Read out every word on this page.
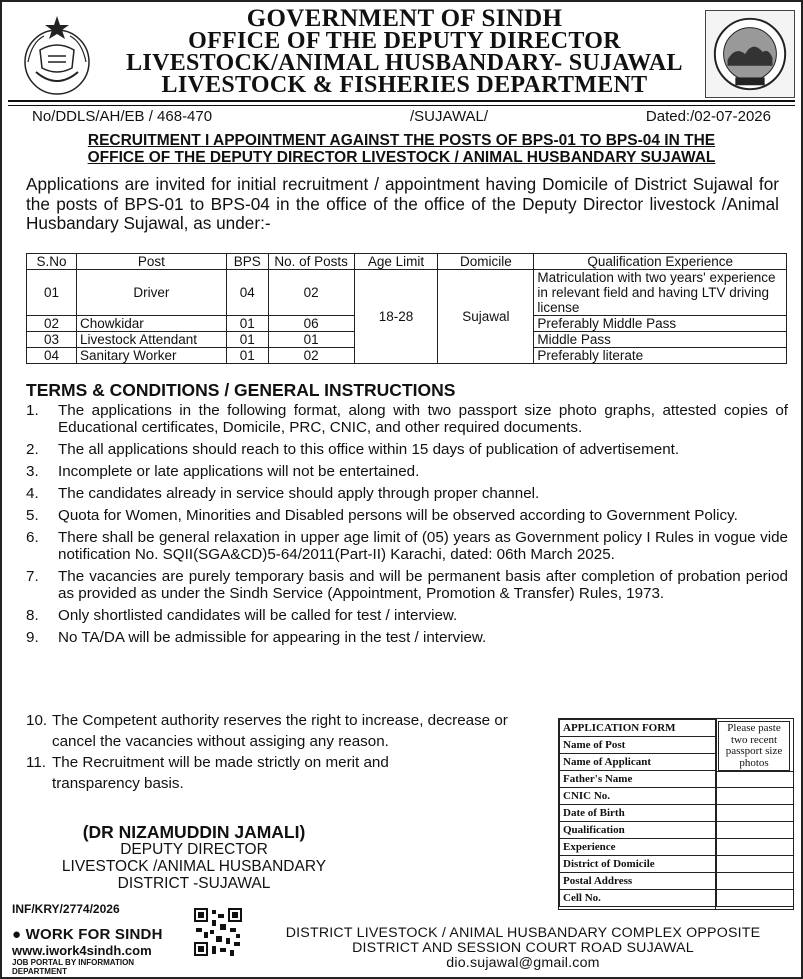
GOVERNMENT OF SINDH
OFFICE OF THE DEPUTY DIRECTOR
LIVESTOCK/ANIMAL HUSBANDARY- SUJAWAL
LIVESTOCK & FISHERIES DEPARTMENT
No/DDLS/AH/EB / 468-470	/SUJAWAL/	Dated:/02-07-2026
RECRUITMENT I APPOINTMENT AGAINST THE POSTS OF BPS-01 TO BPS-04 IN THE
OFFICE OF THE DEPUTY DIRECTOR LIVESTOCK / ANIMAL HUSBANDARY SUJAWAL
Applications are invited for initial recruitment / appointment having Domicile of District Sujawal for the posts of BPS-01 to BPS-04 in the office of the office of the Deputy Director livestock /Animal Husbandary Sujawal, as under:-
S.No	Post	BPS	No. of Posts	Age Limit	Domicile	Qualification Experience
01	Driver	04	02	18-28	Sujawal	Matriculation with two years' experience in relevant field and having LTV driving license
02	Chowkidar	01	06			Preferably Middle Pass
03	Livestock Attendant	01	01			Middle Pass
04	Sanitary Worker	01	02			Preferably literate
TERMS & CONDITIONS / GENERAL INSTRUCTIONS
1.	The applications in the following format, along with two passport size photo graphs, attested copies of Educational certificates, Domicile, PRC, CNIC, and other required documents.
2.	The all applications should reach to this office within 15 days of publication of advertisement.
3.	Incomplete or late applications will not be entertained.
4.	The candidates already in service should apply through proper channel.
5.	Quota for Women, Minorities and Disabled persons will be observed according to Government Policy.
6.	There shall be general relaxation in upper age limit of (05) years as Government policy I Rules in vogue vide notification No. SQII(SGA&CD)5-64/2011(Part-II) Karachi, dated: 06th March 2025.
7.	The vacancies are purely temporary basis and will be permanent basis after completion of probation period as provided as under the Sindh Service (Appointment, Promotion & Transfer) Rules, 1973.
8.	Only shortlisted candidates will be called for test / interview.
9.	No TA/DA will be admissible for appearing in the test / interview.
10. The Competent authority reserves the right to increase, decrease or cancel the vacancies without assiging any reason.
11. The Recruitment will be made strictly on merit and transparency basis.
APPLICATION FORM
Name of Post
Name of Applicant
Father's Name
CNIC No.
Date of Birth
Qualification
Experience
District of Domicile
Postal Address
Cell No.
Please paste two recent passport size photos
(DR NIZAMUDDIN JAMALI)
DEPUTY DIRECTOR
LIVESTOCK /ANIMAL HUSBANDARY
DISTRICT -SUJAWAL
INF/KRY/2774/2026
● WORK FOR SINDH
www.iwork4sindh.com
JOB PORTAL BY INFORMATION DEPARTMENT
DISTRICT LIVESTOCK / ANIMAL HUSBANDARY COMPLEX OPPOSITE
DISTRICT AND SESSION COURT ROAD SUJAWAL
dio.sujawal@gmail.com
